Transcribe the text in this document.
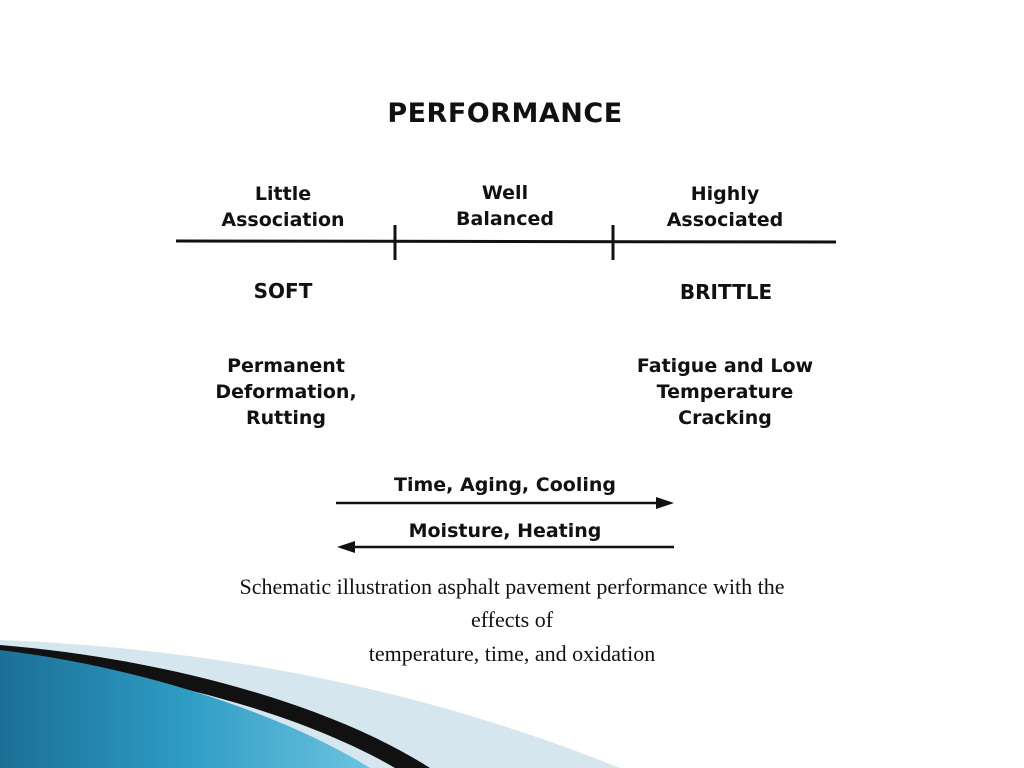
PERFORMANCE
Little
Association
Well
Balanced
Highly
Associated
SOFT	BRITTLE
Permanent
Deformation,
Rutting
Fatigue and Low
Temperature
Cracking
Time, Aging, Cooling
Moisture, Heating
Schematic illustration asphalt pavement performance with the
effects of
temperature, time, and oxidation
